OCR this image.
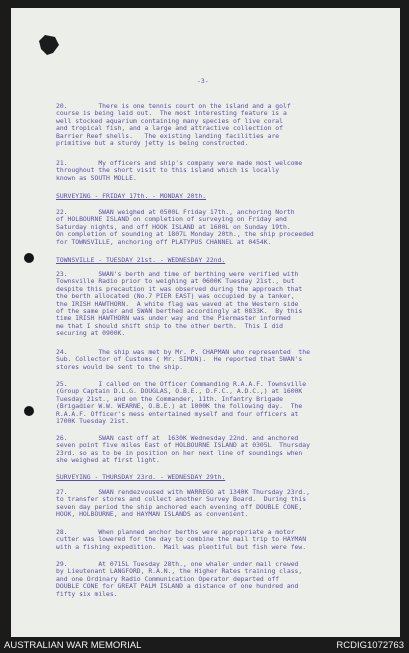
-3-
20.        There is one tennis court on the island and a golf
course is being laid out.  The most interesting feature is a
well stocked aquarium containing many species of live coral
and tropical fish, and a large and attractive collection of
Barrier Reef shells.   The existing landing facilities are
primitive but a sturdy jetty is being constructed.
21.        My officers and ship's company were made most welcome
throughout the short visit to this island which is locally
known as SOUTH MOLLE.
SURVEYING - FRIDAY 17th. - MONDAY 20th.
22.        SWAN weighed at 0500L Friday 17th., anchoring North
of HOLBOURNE ISLAND on completion of surveying on Friday and
Saturday nights, and off HOOK ISLAND at 1600L on Sunday 19th.
On completion of sounding at 1807L Monday 20th., the ship proceeded
for TOWNSVILLE, anchoring off PLATYPUS CHANNEL at 0454K.
TOWNSVILLE - TUESDAY 21st. - WEDNESDAY 22nd.
23.        SWAN's berth and time of berthing were verified with
Townsville Radio prior to weighing at 0600K Tuesday 21st., but
despite this precaution it was observed during the approach that
the berth allocated (No.7 PIER EAST) was occupied by a tanker,
the IRISH HAWTHORN.  A white flag was waved at the Western side
of the same pier and SWAN berthed accordingly at 0833K.  By this
time IRISH HAWTHORN was under way and the Piermaster informed
me that I should shift ship to the other berth.  This I did
securing at 0900K.
24.        The ship was met by Mr. P. CHAPMAN who represented  the
Sub. Collector of Customs ( Mr. SIMON).  He reported that SWAN's
stores would be sent to the ship.
25.        I called on the Officer Commanding R.A.A.F. Townsville
(Group Captain D.L.G. DOUGLAS, O.B.E., D.F.C., A.D.C.,) at 1600K
Tuesday 21st., and on the Commander, 11th. Infantry Brigade
(Brigadier W.W. WEARNE, O.B.E.) at 1000K the following day.  The
R.A.A.F. Officer's mess entertained myself and four officers at
1700K Tuesday 21st.
26.        SWAN cast off at  1630K Wednesday 22nd. and anchored
seven point five miles East of HOLBOURNE ISLAND at 0305L  Thursday
23rd. so as to be in position on her next line of soundings when
she weighed at first light.
SURVEYING - THURSDAY 23rd. - WEDNESDAY 29th.
27.        SWAN rendezvoused with WARREGO at 1340K Thursday 23rd.,
to transfer stores and collect another Survey Board.  During this
seven day period the ship anchored each evening off DOUBLE CONE,
HOOK, HOLBOURNE, and HAYMAN ISLANDS as convenient.
28.        When planned anchor berths were appropriate a motor
cutter was lowered for the day to combine the mail trip to HAYMAN
with a fishing expedition.  Mail was plentiful but fish were few.
29.        At 0715L Tuesday 28th., one whaler under mail crewed
by Lieutenant LANGFORD, R.A.N., the Higher Rates training class,
and one Ordinary Radio Communication Operator departed off
DOUBLE CONE for GREAT PALM ISLAND a distance of one hundred and
fifty six miles.
AUSTRALIAN WAR MEMORIAL	RCDIG1072763
